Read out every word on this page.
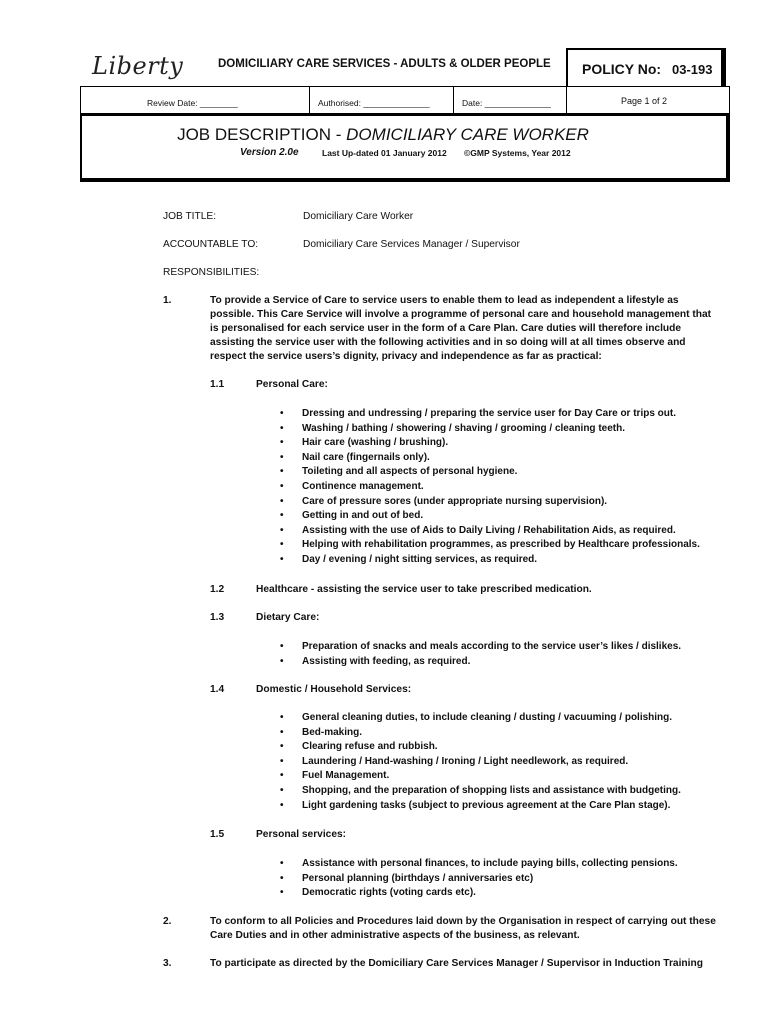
Liberty	DOMICILIARY CARE SERVICES - ADULTS & OLDER PEOPLE POLICY No: 03-193
Review Date: ________	Authorised: ______________	Date: ______________	Page 1 of 2
JOB DESCRIPTION - DOMICILIARY CARE WORKER
Version 2.0e	Last Up-dated 01 January 2012 ©GMP Systems, Year 2012
JOB TITLE:	Domiciliary Care Worker
ACCOUNTABLE TO:	Domiciliary Care Services Manager / Supervisor
RESPONSIBILITIES:
1.	To provide a Service of Care to service users to enable them to lead as independent a lifestyle as
possible. This Care Service will involve a programme of personal care and household management that
is personalised for each service user in the form of a Care Plan. Care duties will therefore include
assisting the service user with the following activities and in so doing will at all times observe and
respect the service users’s dignity, privacy and independence as far as practical:
1.1	Personal Care:
• Dressing and undressing / preparing the service user for Day Care or trips out.
• Washing / bathing / showering / shaving / grooming / cleaning teeth.
• Hair care (washing / brushing).
• Nail care (fingernails only).
• Toileting and all aspects of personal hygiene.
• Continence management.
• Care of pressure sores (under appropriate nursing supervision).
• Getting in and out of bed.
• Assisting with the use of Aids to Daily Living / Rehabilitation Aids, as required.
• Helping with rehabilitation programmes, as prescribed by Healthcare professionals.
• Day / evening / night sitting services, as required.
1.2	Healthcare - assisting the service user to take prescribed medication.
1.3	Dietary Care:
• Preparation of snacks and meals according to the service user’s likes / dislikes.
• Assisting with feeding, as required.
1.4	Domestic / Household Services:
• General cleaning duties, to include cleaning / dusting / vacuuming / polishing.
• Bed-making.
• Clearing refuse and rubbish.
• Laundering / Hand-washing / Ironing / Light needlework, as required.
• Fuel Management.
• Shopping, and the preparation of shopping lists and assistance with budgeting.
• Light gardening tasks (subject to previous agreement at the Care Plan stage).
1.5	Personal services:
• Assistance with personal finances, to include paying bills, collecting pensions.
• Personal planning (birthdays / anniversaries etc)
• Democratic rights (voting cards etc).
2.	To conform to all Policies and Procedures laid down by the Organisation in respect of carrying out these
Care Duties and in other administrative aspects of the business, as relevant.
3.	To participate as directed by the Domiciliary Care Services Manager / Supervisor in Induction Training
